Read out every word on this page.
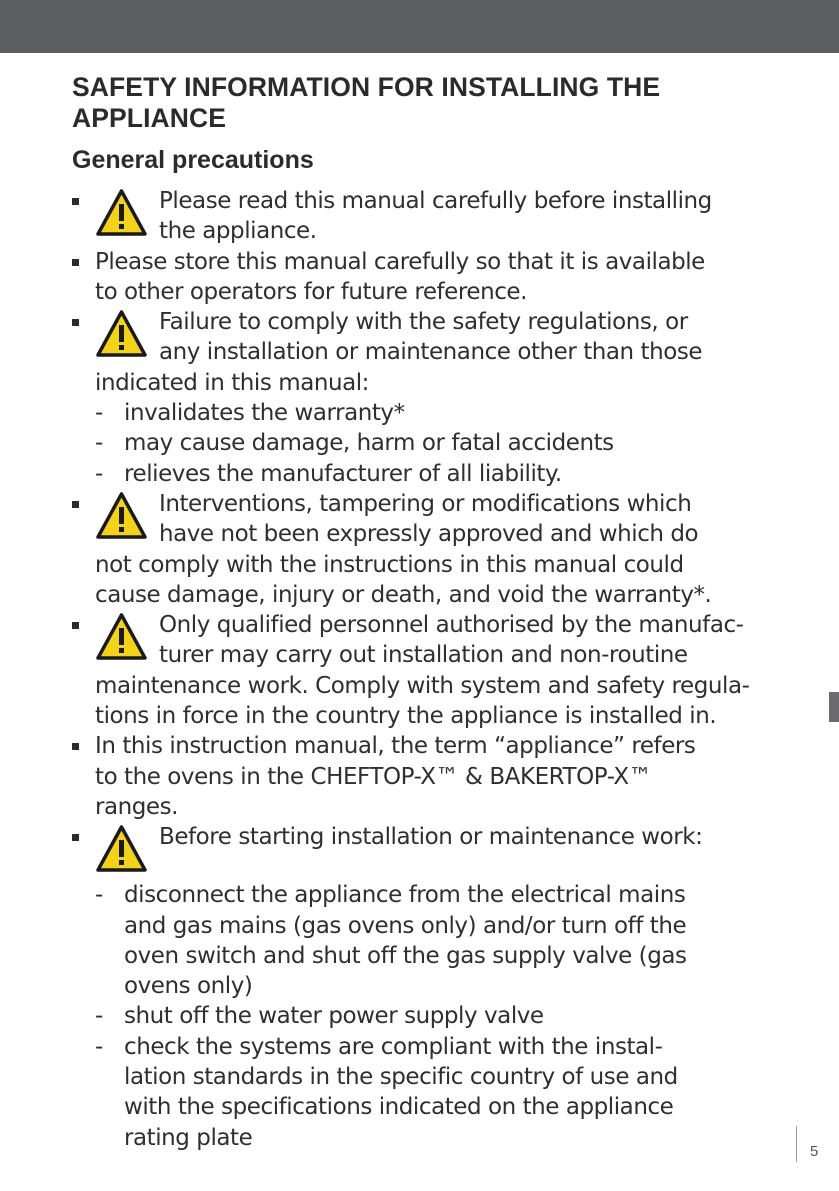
SAFETY INFORMATION FOR INSTALLING THE
APPLIANCE
General precautions
Please read this manual carefully before installing
the appliance.
Please store this manual carefully so that it is available
to other operators for future reference.
Failure to comply with the safety regulations, or
any installation or maintenance other than those
indicated in this manual:
- invalidates the warranty*
- may cause damage, harm or fatal accidents
- relieves the manufacturer of all liability.
Interventions, tampering or modifications which
have not been expressly approved and which do
not comply with the instructions in this manual could
cause damage, injury or death, and void the warranty*.
Only qualified personnel authorised by the manufac-
turer may carry out installation and non-routine
maintenance work. Comply with system and safety regula-
tions in force in the country the appliance is installed in.
In this instruction manual, the term “appliance” refers
to the ovens in the CHEFTOP-X™ & BAKERTOP-X™
ranges.
Before starting installation or maintenance work:
- disconnect the appliance from the electrical mains
and gas mains (gas ovens only) and/or turn off the
oven switch and shut off the gas supply valve (gas
ovens only)
- shut off the water power supply valve
- check the systems are compliant with the instal-
lation standards in the specific country of use and
with the specifications indicated on the appliance
rating plate
5
